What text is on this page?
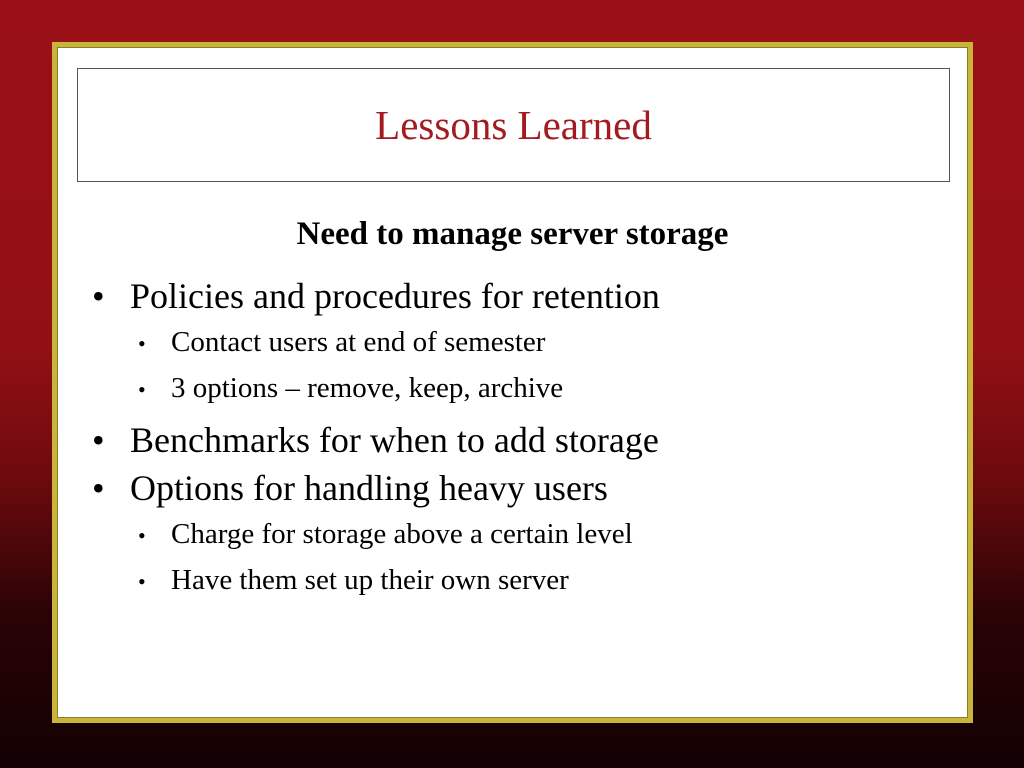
Lessons Learned
Need to manage server storage
• Policies and procedures for retention
• Contact users at end of semester
• 3 options – remove, keep, archive
• Benchmarks for when to add storage
• Options for handling heavy users
• Charge for storage above a certain level
• Have them set up their own server
